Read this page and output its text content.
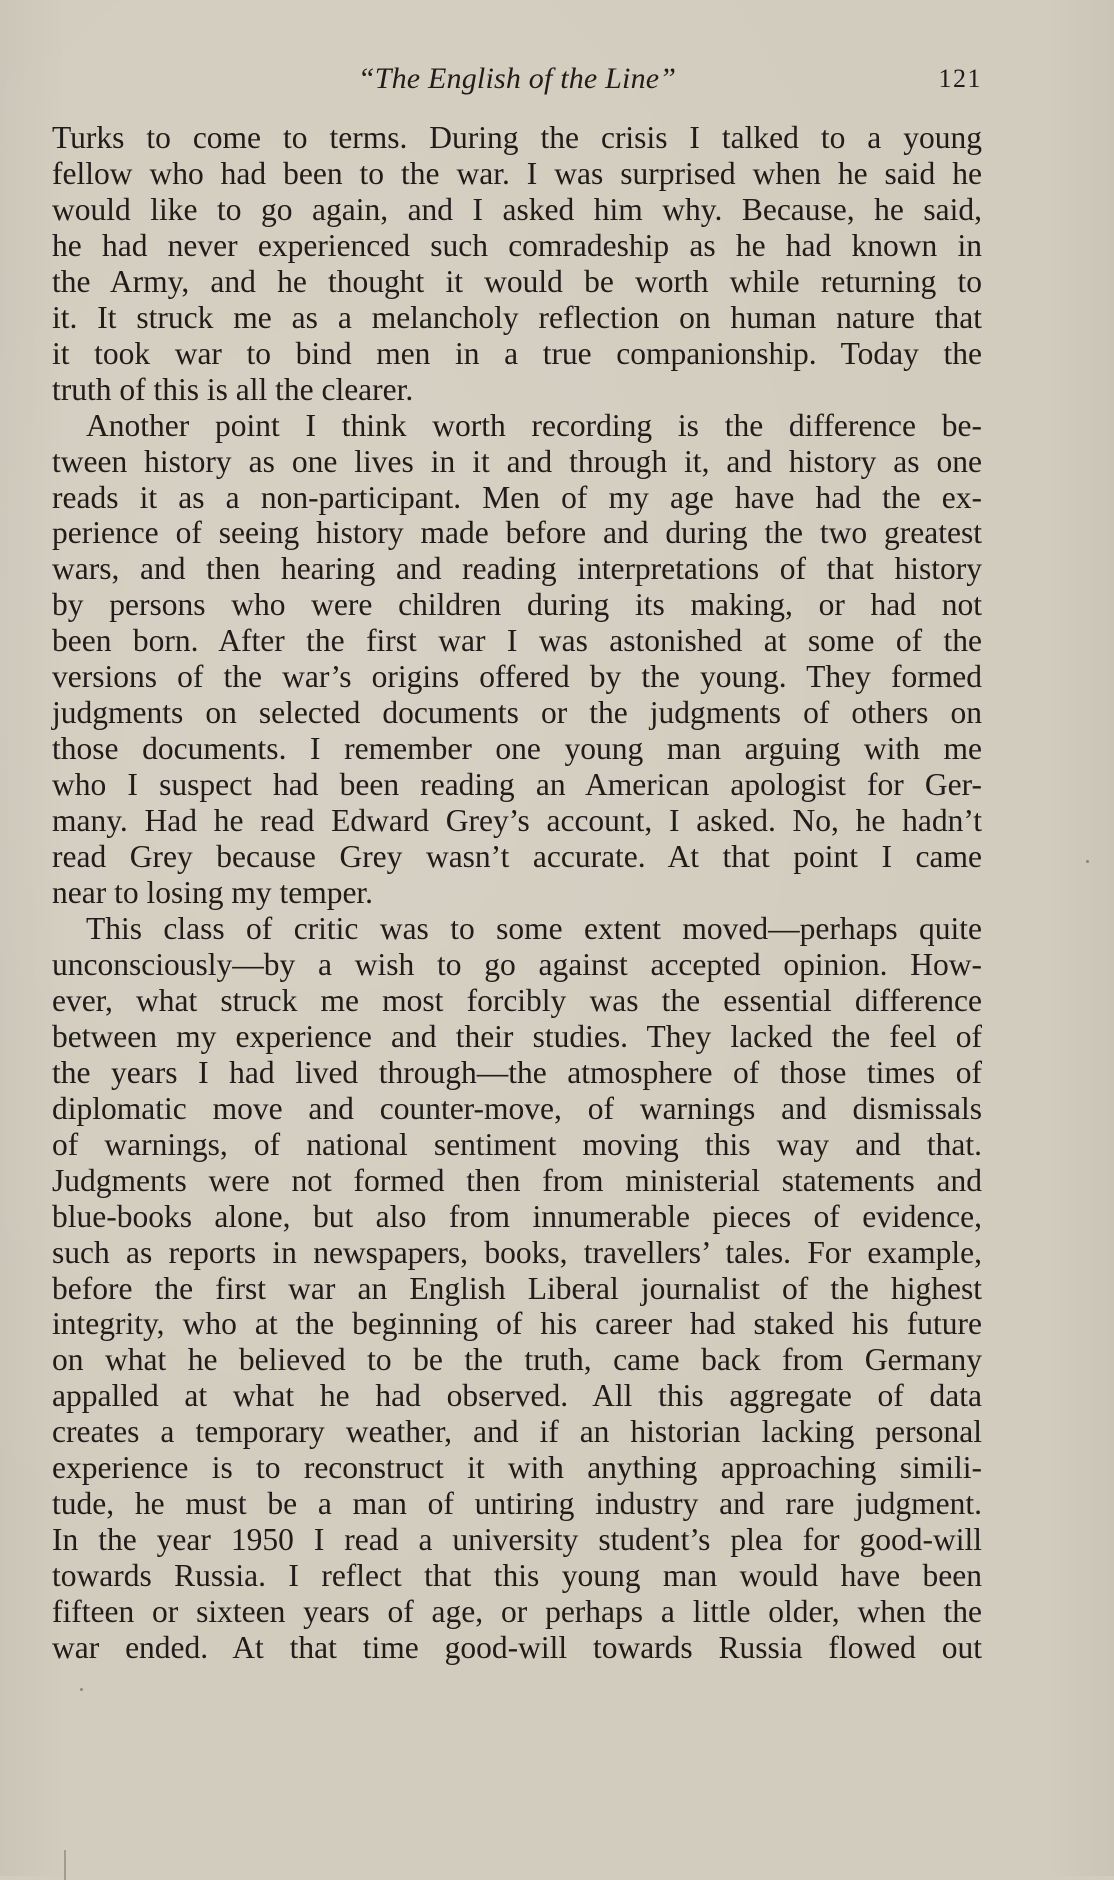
“The English of the Line”	121
Turks to come to terms. During the crisis I talked to a young
fellow who had been to the war. I was surprised when he said he
would like to go again, and I asked him why. Because, he said,
he had never experienced such comradeship as he had known in
the Army, and he thought it would be worth while returning to
it. It struck me as a melancholy reflection on human nature that
it took war to bind men in a true companionship. Today the
truth of this is all the clearer.
Another point I think worth recording is the difference be-
tween history as one lives in it and through it, and history as one
reads it as a non-participant. Men of my age have had the ex-
perience of seeing history made before and during the two greatest
wars, and then hearing and reading interpretations of that history
by persons who were children during its making, or had not
been born. After the first war I was astonished at some of the
versions of the war’s origins offered by the young. They formed
judgments on selected documents or the judgments of others on
those documents. I remember one young man arguing with me
who I suspect had been reading an American apologist for Ger-
many. Had he read Edward Grey’s account, I asked. No, he hadn’t
read Grey because Grey wasn’t accurate. At that point I came
near to losing my temper.
This class of critic was to some extent moved—perhaps quite
unconsciously—by a wish to go against accepted opinion. How-
ever, what struck me most forcibly was the essential difference
between my experience and their studies. They lacked the feel of
the years I had lived through—the atmosphere of those times of
diplomatic move and counter-move, of warnings and dismissals
of warnings, of national sentiment moving this way and that.
Judgments were not formed then from ministerial statements and
blue-books alone, but also from innumerable pieces of evidence,
such as reports in newspapers, books, travellers’ tales. For example,
before the first war an English Liberal journalist of the highest
integrity, who at the beginning of his career had staked his future
on what he believed to be the truth, came back from Germany
appalled at what he had observed. All this aggregate of data
creates a temporary weather, and if an historian lacking personal
experience is to reconstruct it with anything approaching simili-
tude, he must be a man of untiring industry and rare judgment.
In the year 1950 I read a university student’s plea for good-will
towards Russia. I reflect that this young man would have been
fifteen or sixteen years of age, or perhaps a little older, when the
war ended. At that time good-will towards Russia flowed out
